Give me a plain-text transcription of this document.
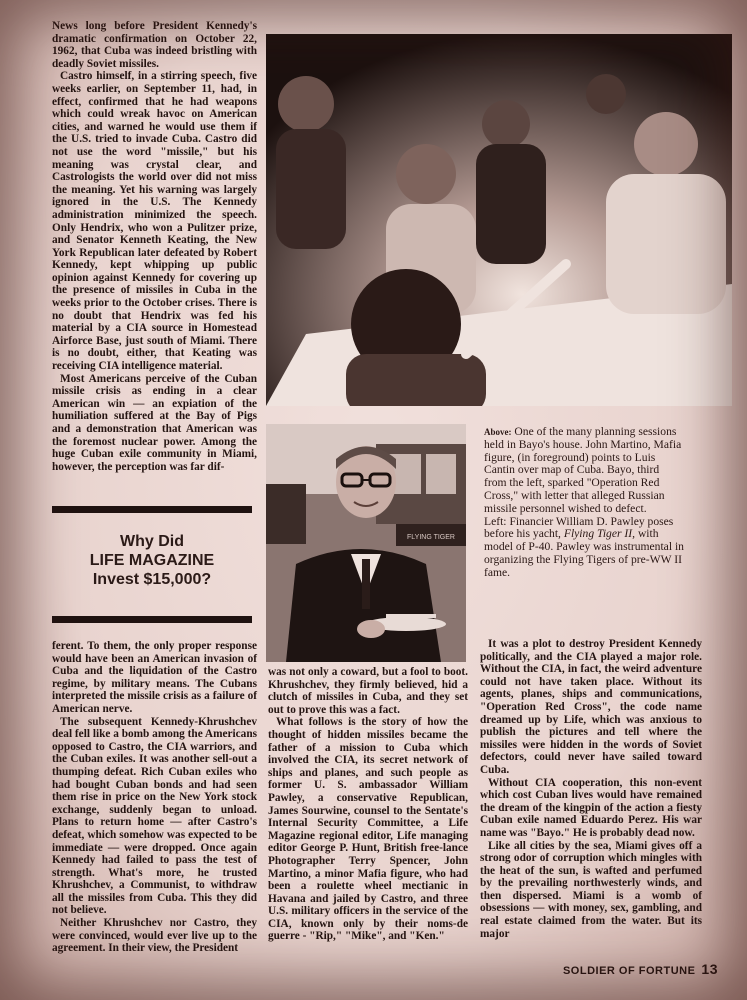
News long before President Kennedy's dramatic confirmation on October 22, 1962, that Cuba was indeed bristling with deadly Soviet missiles.

Castro himself, in a stirring speech, five weeks earlier, on September 11, had, in effect, confirmed that he had weapons which could wreak havoc on American cities, and warned he would use them if the U.S. tried to invade Cuba. Castro did not use the word "missile," but his meaning was crystal clear, and Castrologists the world over did not miss the meaning. Yet his warning was largely ignored in the U.S. The Kennedy administration minimized the speech. Only Hendrix, who won a Pulitzer prize, and Senator Kenneth Keating, the New York Republican later defeated by Robert Kennedy, kept whipping up public opinion against Kennedy for covering up the presence of missiles in Cuba in the weeks prior to the October crises. There is no doubt that Hendrix was fed his material by a CIA source in Homestead Airforce Base, just south of Miami. There is no doubt, either, that Keating was receiving CIA intelligence material.

Most Americans perceive of the Cuban missile crisis as ending in a clear American win — an expiation of the humiliation suffered at the Bay of Pigs and a demonstration that American was the foremost nuclear power. Among the huge Cuban exile community in Miami, however, the perception was far dif-

FLYING TIGER
Above: One of the many planning sessions held in Bayo's house. John Martino, Mafia figure, (in foreground) points to Luis Cantin over map of Cuba. Bayo, third from the left, sparked "Operation Red Cross," with letter that alleged Russian missile personnel wished to defect.
Left: Financier William D. Pawley poses before his yacht, Flying Tiger II, with model of P-40. Pawley was instrumental in organizing the Flying Tigers of pre-WW II fame.
Why Did
LIFE MAGAZINE
Invest $15,000?

ferent. To them, the only proper response would have been an American invasion of Cuba and the liquidation of the Castro regime, by military means. The Cubans interpreted the missile crisis as a failure of American nerve.

The subsequent Kennedy-Khrushchev deal fell like a bomb among the Americans opposed to Castro, the CIA warriors, and the Cuban exiles. It was another sell-out a thumping defeat. Rich Cuban exiles who had bought Cuban bonds and had seen them rise in price on the New York stock exchange, suddenly began to unload. Plans to return home — after Castro's defeat, which somehow was expected to be immediate — were dropped. Once again Kennedy had failed to pass the test of strength. What's more, he trusted Khrushchev, a Communist, to withdraw all the missiles from Cuba. This they did not believe.

Neither Khrushchev nor Castro, they were convinced, would ever live up to the agreement. In their view, the President

was not only a coward, but a fool to boot. Khrushchev, they firmly believed, hid a clutch of missiles in Cuba, and they set out to prove this was a fact.

What follows is the story of how the thought of hidden missiles became the father of a mission to Cuba which involved the CIA, its secret network of ships and planes, and such people as former U. S. ambassador William Pawley, a conservative Republican, James Sourwine, counsel to the Sentate's Internal Security Committee, a Life Magazine regional editor, Life managing editor George P. Hunt, British free-lance Photographer Terry Spencer, John Martino, a minor Mafia figure, who had been a roulette wheel mectianic in Havana and jailed by Castro, and three U.S. military officers in the service of the CIA, known only by their noms-de guerre - "Rip," "Mike", and "Ken."

It was a plot to destroy President Kennedy politically, and the CIA played a major role. Without the CIA, in fact, the weird adventure could not have taken place. Without its agents, planes, ships and communications, "Operation Red Cross", the code name dreamed up by Life, which was anxious to publish the pictures and tell where the missiles were hidden in the words of Soviet defectors, could never have sailed toward Cuba.

Without CIA cooperation, this non-event which cost Cuban lives would have remained the dream of the kingpin of the action a fiesty Cuban exile named Eduardo Perez. His war name was "Bayo." He is probably dead now.

Like all cities by the sea, Miami gives off a strong odor of corruption which mingles with the heat of the sun, is wafted and perfumed by the prevailing northwesterly winds, and then dispersed. Miami is a womb of obsessions — with money, sex, gambling, and real estate claimed from the water. But its major

SOLDIER OF FORTUNE 13
